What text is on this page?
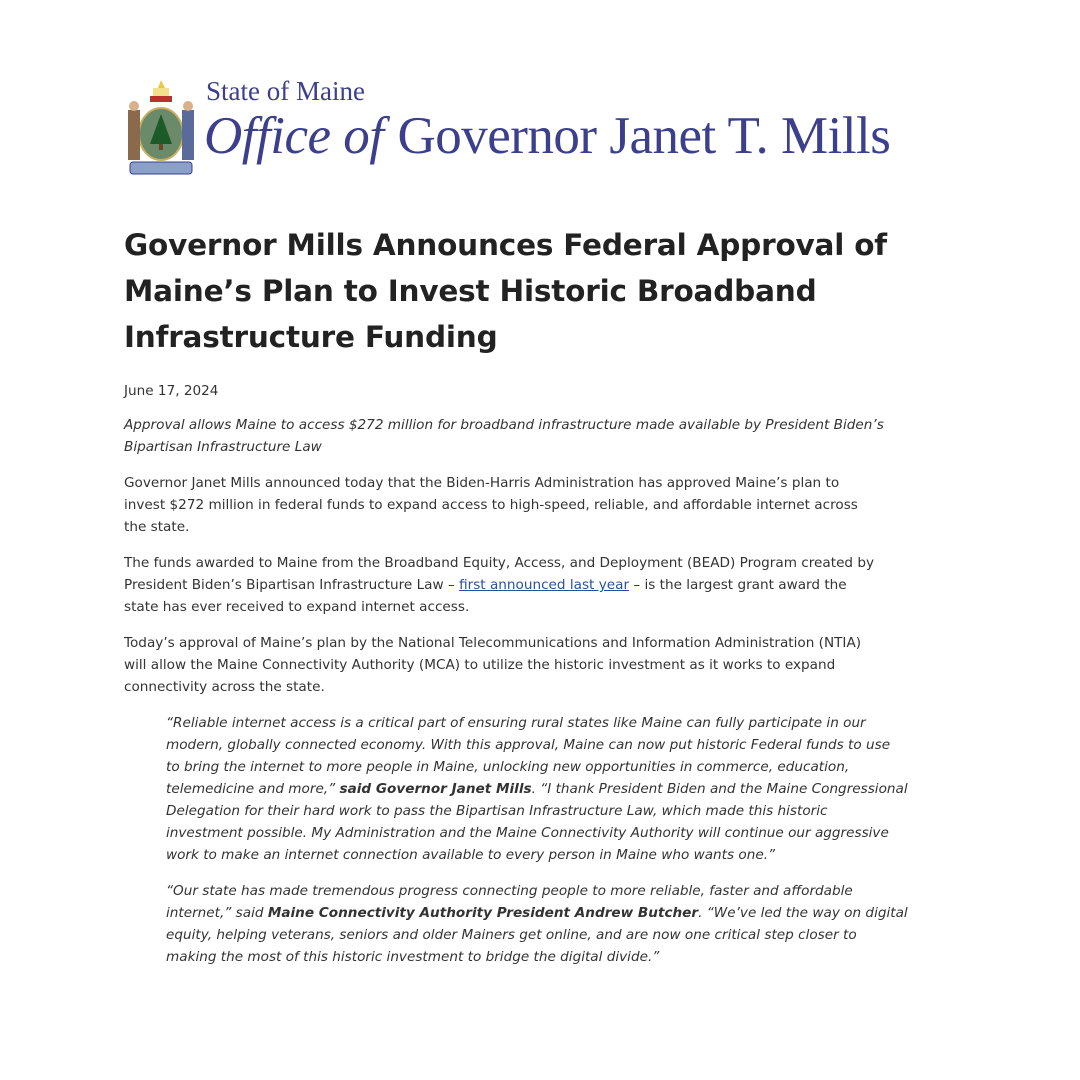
State of Maine
Office of Governor Janet T. Mills
Governor Mills Announces Federal Approval of
Maine’s Plan to Invest Historic Broadband
Infrastructure Funding

June 17, 2024

Approval allows Maine to access $272 million for broadband infrastructure made available by President Biden’s
Bipartisan Infrastructure Law

Governor Janet Mills announced today that the Biden-Harris Administration has approved Maine’s plan to
invest $272 million in federal funds to expand access to high-speed, reliable, and affordable internet across
the state.

The funds awarded to Maine from the Broadband Equity, Access, and Deployment (BEAD) Program created by
President Biden’s Bipartisan Infrastructure Law – first announced last year – is the largest grant award the
state has ever received to expand internet access.

Today’s approval of Maine’s plan by the National Telecommunications and Information Administration (NTIA)
will allow the Maine Connectivity Authority (MCA) to utilize the historic investment as it works to expand
connectivity across the state.

“Reliable internet access is a critical part of ensuring rural states like Maine can fully participate in our
modern, globally connected economy. With this approval, Maine can now put historic Federal funds to use
to bring the internet to more people in Maine, unlocking new opportunities in commerce, education,
telemedicine and more,” said Governor Janet Mills. “I thank President Biden and the Maine Congressional
Delegation for their hard work to pass the Bipartisan Infrastructure Law, which made this historic
investment possible. My Administration and the Maine Connectivity Authority will continue our aggressive
work to make an internet connection available to every person in Maine who wants one.”

“Our state has made tremendous progress connecting people to more reliable, faster and affordable
internet,” said Maine Connectivity Authority President Andrew Butcher. “We’ve led the way on digital
equity, helping veterans, seniors and older Mainers get online, and are now one critical step closer to
making the most of this historic investment to bridge the digital divide.”
